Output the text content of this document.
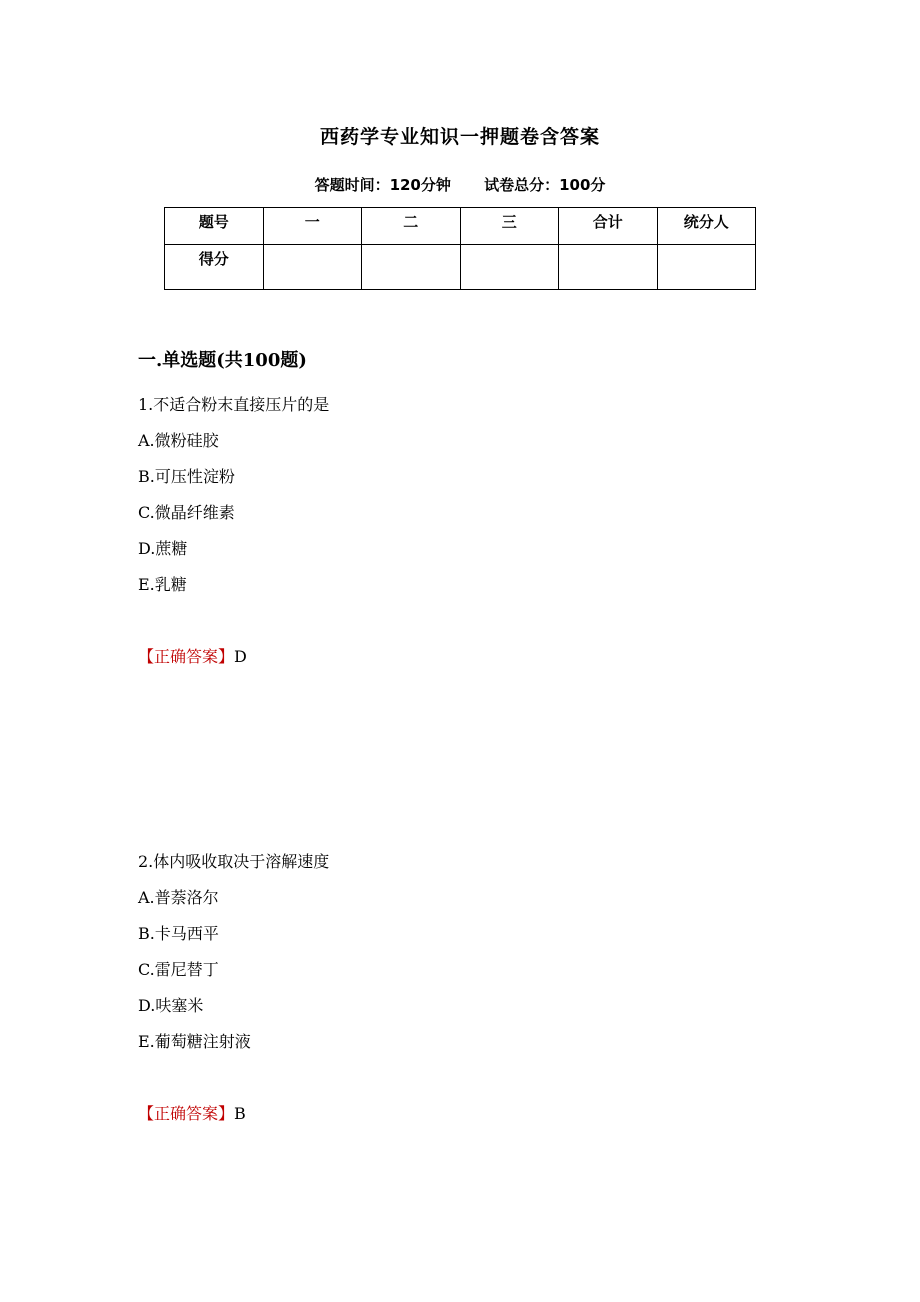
西药学专业知识一押题卷含答案
答题时间：120分钟 试卷总分：100分
题号	一	二	三	合计	统分人
得分					
一.单选题(共100题)
1.不适合粉末直接压片的是
A.微粉硅胶
B.可压性淀粉
C.微晶纤维素
D.蔗糖
E.乳糖
【正确答案】D
2.体内吸收取决于溶解速度
A.普萘洛尔
B.卡马西平
C.雷尼替丁
D.呋塞米
E.葡萄糖注射液
【正确答案】B
